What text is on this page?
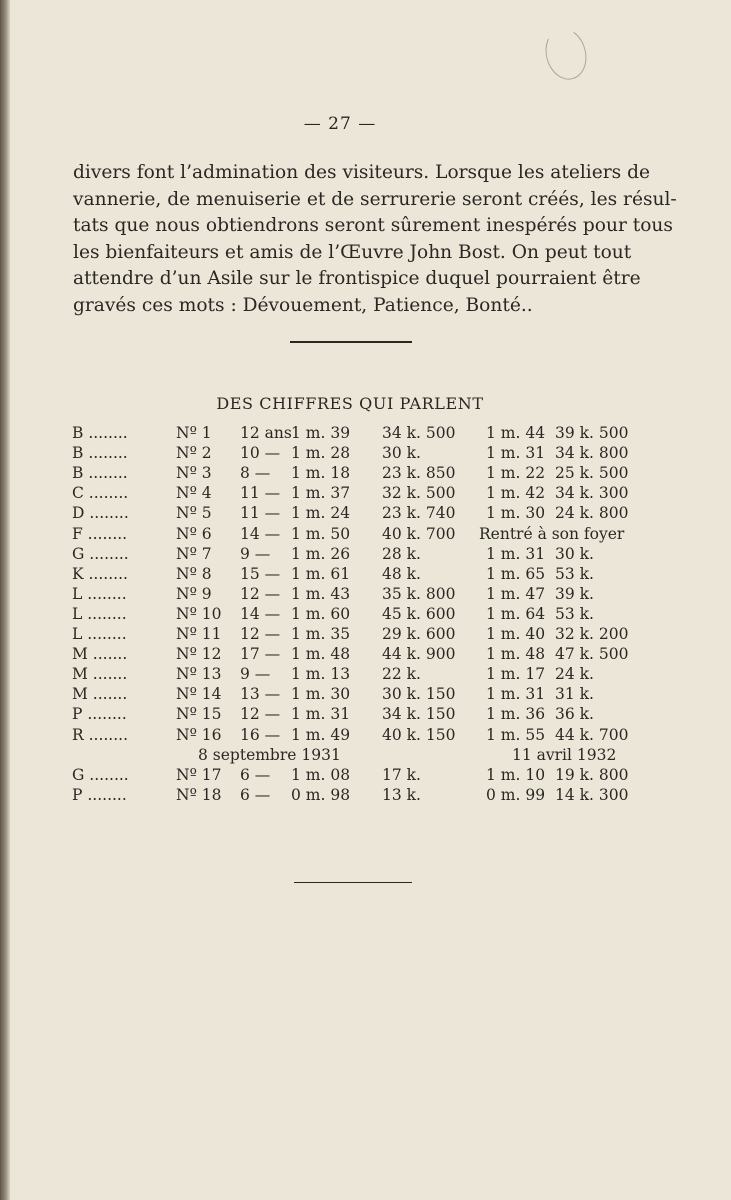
— 27 —

divers font l’admination des visiteurs. Lorsque les ateliers de
vannerie, de menuiserie et de serrurerie seront créés, les résul-
tats que nous obtiendrons seront sûrement inespérés pour tous
les bienfaiteurs et amis de l’Œuvre John Bost. On peut tout
attendre d’un Asile sur le frontispice duquel pourraient être
gravés ces mots : Dévouement, Patience, Bonté..

DES CHIFFRES QUI PARLENT
B ........	Nº 1 12 ans 1 m. 39 34 k. 500 1 m. 44 39 k. 500
B ........	Nº 2 10 — 1 m. 28 30 k.	1 m. 31 34 k. 800
B ........	Nº 3 8 — 1 m. 18 23 k. 850 1 m. 22 25 k. 500
C ........	Nº 4 11 — 1 m. 37 32 k. 500 1 m. 42 34 k. 300
D ........	Nº 5 11 — 1 m. 24 23 k. 740 1 m. 30 24 k. 800
F ........	Nº 6 14 — 1 m. 50 40 k. 700 Rentré à son foyer
G ........	Nº 7 9 — 1 m. 26 28 k.	1 m. 31 30 k.
K ........	Nº 8 15 — 1 m. 61 48 k.	1 m. 65 53 k.
L ........	Nº 9 12 — 1 m. 43 35 k. 800 1 m. 47 39 k.
L ........	Nº 10 14 — 1 m. 60 45 k. 600 1 m. 64 53 k.
L ........	Nº 11 12 — 1 m. 35 29 k. 600 1 m. 40 32 k. 200
M .......	Nº 12 17 — 1 m. 48 44 k. 900 1 m. 48 47 k. 500
M .......	Nº 13 9 — 1 m. 13 22 k.	1 m. 17 24 k.
M .......	Nº 14 13 — 1 m. 30 30 k. 150 1 m. 31 31 k.
P ........	Nº 15 12 — 1 m. 31 34 k. 150 1 m. 36 36 k.
R ........	Nº 16 16 — 1 m. 49 40 k. 150 1 m. 55 44 k. 700
8 septembre 1931	11 avril 1932
G ........	Nº 17 6 — 1 m. 08 17 k.	1 m. 10 19 k. 800
P ........	Nº 18 6 — 0 m. 98 13 k.	0 m. 99 14 k. 300
